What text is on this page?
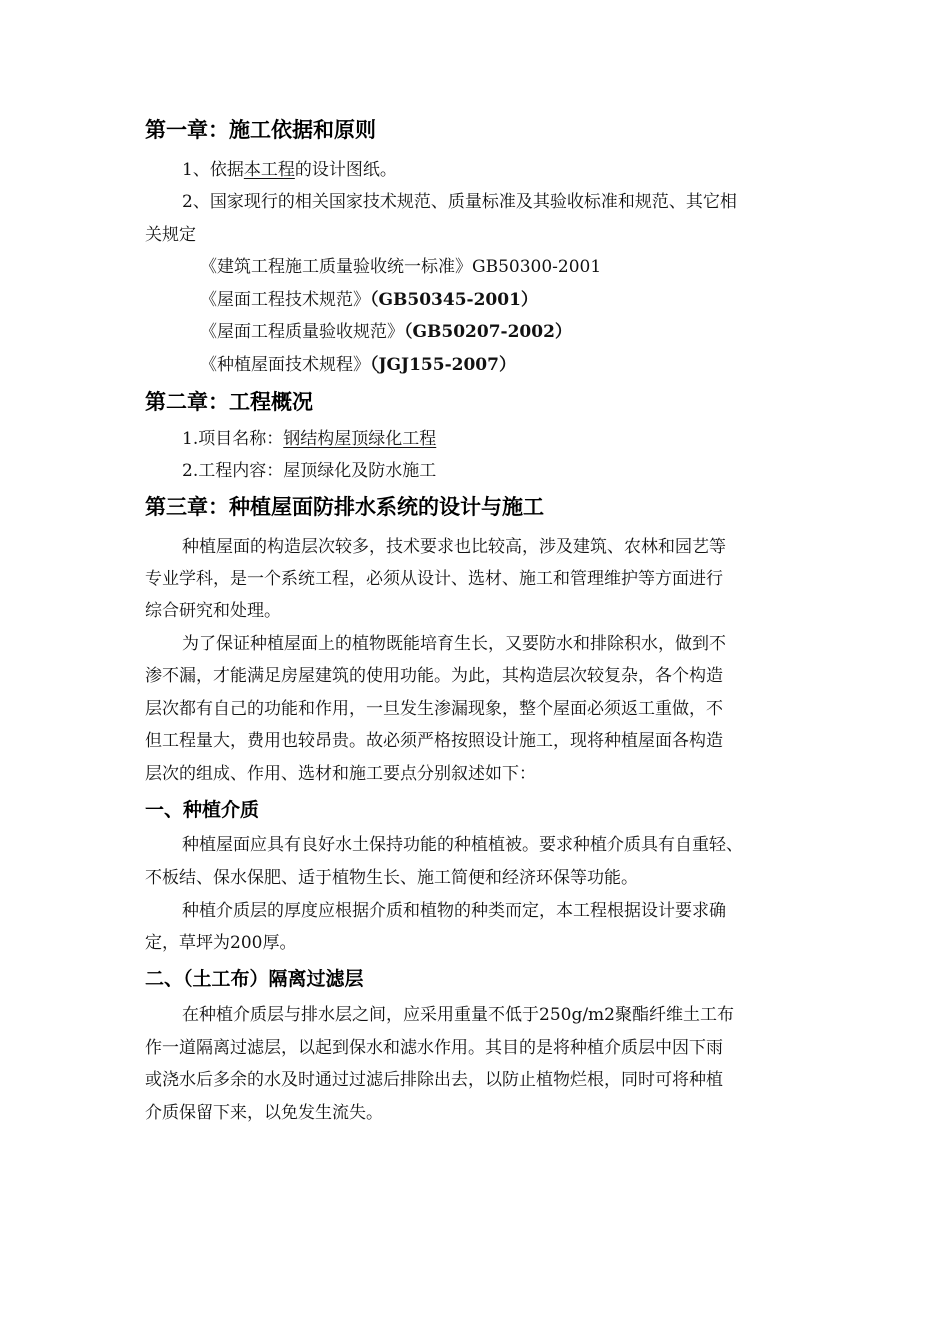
第一章：施工依据和原则
1、依据本工程的设计图纸。
2、国家现行的相关国家技术规范、质量标准及其验收标准和规范、其它相
关规定
《建筑工程施工质量验收统一标准》GB50300-2001
《屋面工程技术规范》（GB50345-2001）
《屋面工程质量验收规范》（GB50207-2002）
《种植屋面技术规程》（JGJ155-2007）
第二章：工程概况
1.项目名称：钢结构屋顶绿化工程
2.工程内容：屋顶绿化及防水施工
第三章：种植屋面防排水系统的设计与施工
种植屋面的构造层次较多，技术要求也比较高，涉及建筑、农林和园艺等
专业学科，是一个系统工程，必须从设计、选材、施工和管理维护等方面进行
综合研究和处理。
为了保证种植屋面上的植物既能培育生长，又要防水和排除积水，做到不
渗不漏，才能满足房屋建筑的使用功能。为此，其构造层次较复杂，各个构造
层次都有自己的功能和作用，一旦发生渗漏现象，整个屋面必须返工重做，不
但工程量大，费用也较昂贵。故必须严格按照设计施工，现将种植屋面各构造
层次的组成、作用、选材和施工要点分别叙述如下：
一、种植介质
种植屋面应具有良好水土保持功能的种植植被。要求种植介质具有自重轻、
不板结、保水保肥、适于植物生长、施工简便和经济环保等功能。
种植介质层的厚度应根据介质和植物的种类而定，本工程根据设计要求确
定，草坪为200厚。
二、（土工布）隔离过滤层
在种植介质层与排水层之间，应采用重量不低于250g/m2聚酯纤维土工布
作一道隔离过滤层，以起到保水和滤水作用。其目的是将种植介质层中因下雨
或浇水后多余的水及时通过过滤后排除出去，以防止植物烂根，同时可将种植
介质保留下来，以免发生流失。
